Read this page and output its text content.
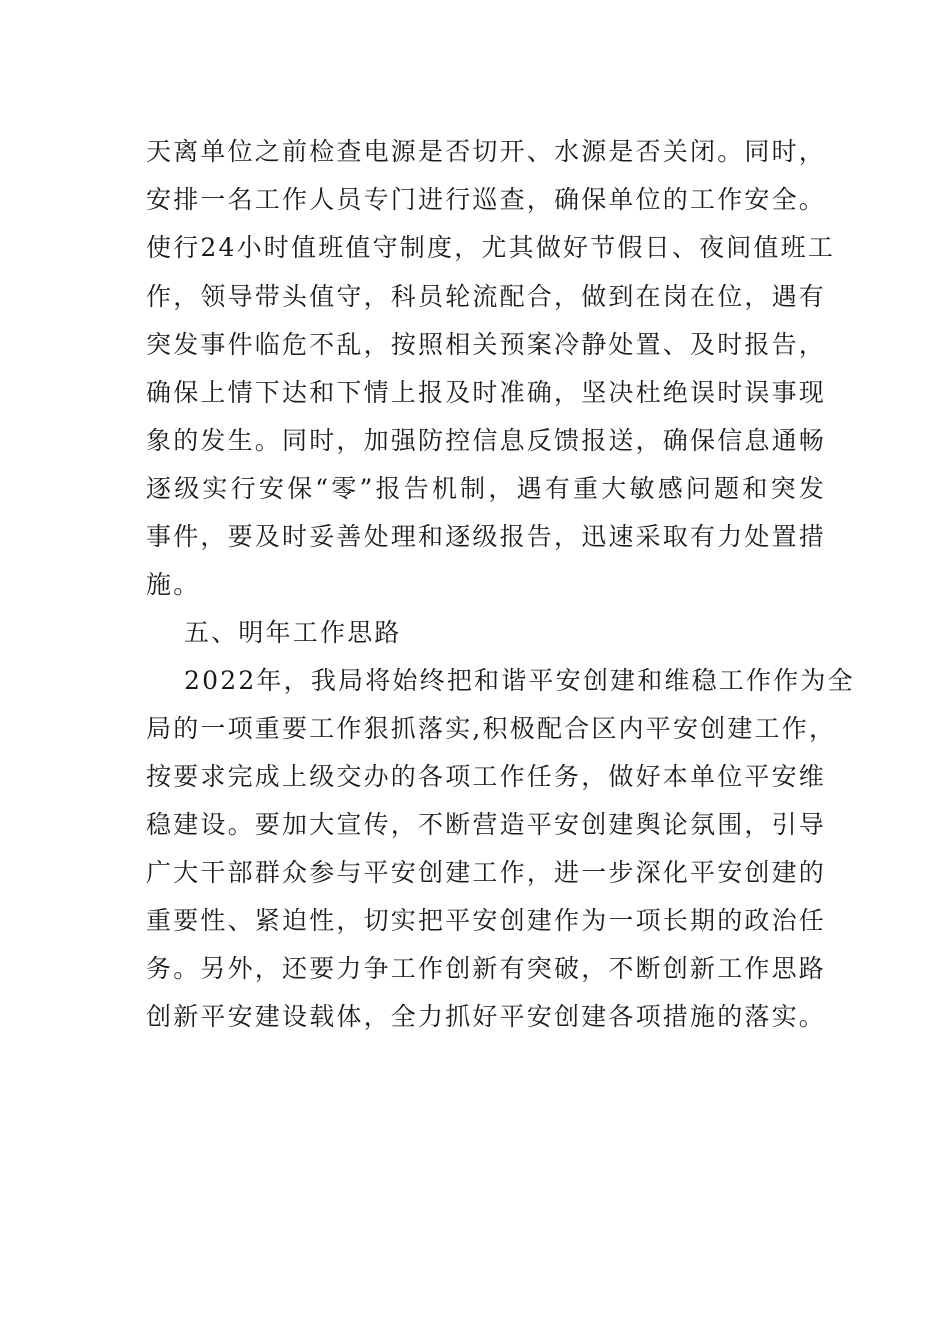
天离单位之前检查电源是否切开、水源是否关闭。同时，
安排一名工作人员专门进行巡查，确保单位的工作安全。
使行24小时值班值守制度，尤其做好节假日、夜间值班工
作，领导带头值守，科员轮流配合，做到在岗在位，遇有
突发事件临危不乱，按照相关预案冷静处置、及时报告，
确保上情下达和下情上报及时准确，坚决杜绝误时误事现
象的发生。同时，加强防控信息反馈报送，确保信息通畅
逐级实行安保“零”报告机制，遇有重大敏感问题和突发
事件，要及时妥善处理和逐级报告，迅速采取有力处置措
施。
五、明年工作思路
2022年，我局将始终把和谐平安创建和维稳工作作为全
局的一项重要工作狠抓落实,积极配合区内平安创建工作，
按要求完成上级交办的各项工作任务，做好本单位平安维
稳建设。要加大宣传，不断营造平安创建舆论氛围，引导
广大干部群众参与平安创建工作，进一步深化平安创建的
重要性、紧迫性，切实把平安创建作为一项长期的政治任
务。另外，还要力争工作创新有突破，不断创新工作思路
创新平安建设载体，全力抓好平安创建各项措施的落实。
